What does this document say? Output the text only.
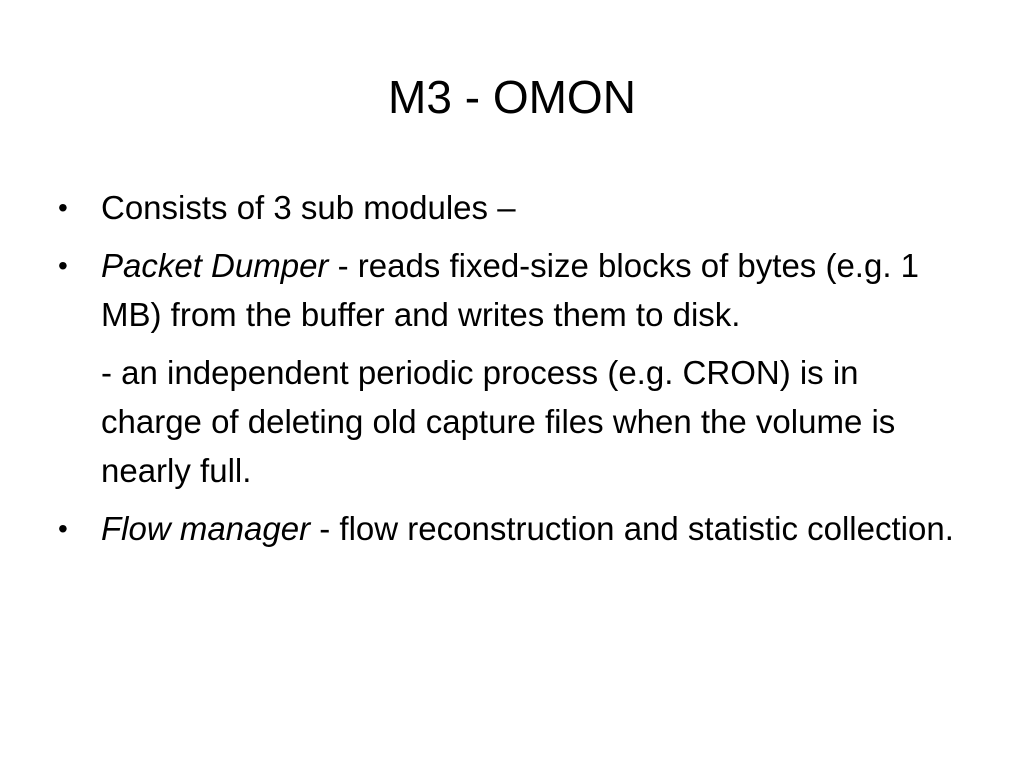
M3 - OMON
•	Consists of 3 sub modules –
•	Packet Dumper - reads fixed-size blocks of bytes (e.g. 1 MB) from the buffer and writes them to disk.
- an independent periodic process (e.g. CRON) is in charge of deleting old capture files when the volume is nearly full.
•	Flow manager - flow reconstruction and statistic collection.
